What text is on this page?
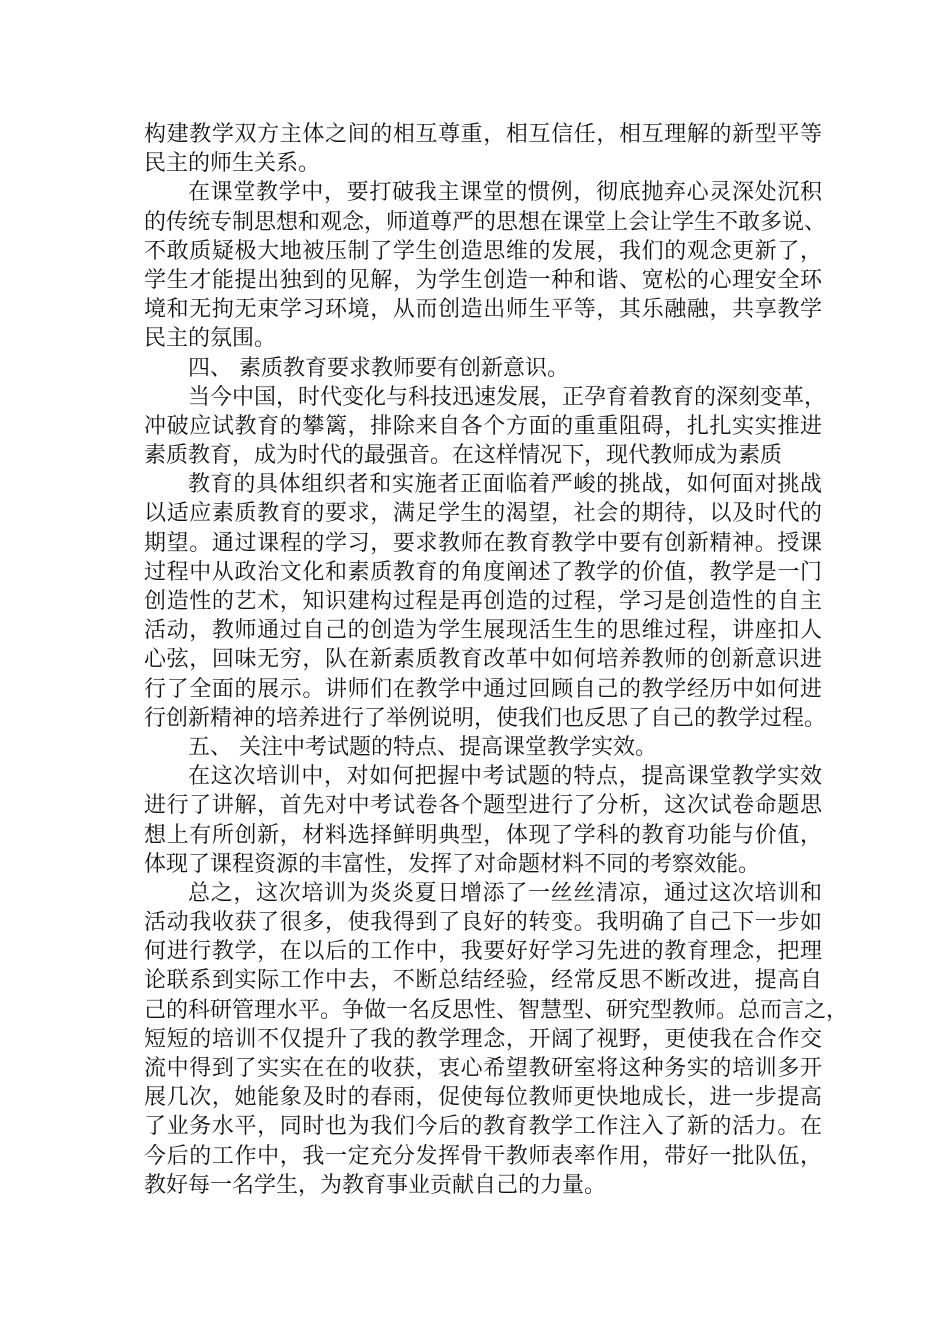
构建教学双方主体之间的相互尊重，相互信任，相互理解的新型平等
民主的师生关系。
在课堂教学中，要打破我主课堂的惯例，彻底抛弃心灵深处沉积
的传统专制思想和观念，师道尊严的思想在课堂上会让学生不敢多说、
不敢质疑极大地被压制了学生创造思维的发展，我们的观念更新了，
学生才能提出独到的见解，为学生创造一种和谐、宽松的心理安全环
境和无拘无束学习环境，从而创造出师生平等，其乐融融，共享教学
民主的氛围。
四、 素质教育要求教师要有创新意识。
当今中国，时代变化与科技迅速发展，正孕育着教育的深刻变革，
冲破应试教育的攀篱，排除来自各个方面的重重阻碍，扎扎实实推进
素质教育，成为时代的最强音。在这样情况下，现代教师成为素质
教育的具体组织者和实施者正面临着严峻的挑战，如何面对挑战
以适应素质教育的要求，满足学生的渴望，社会的期待，以及时代的
期望。通过课程的学习，要求教师在教育教学中要有创新精神。授课
过程中从政治文化和素质教育的角度阐述了教学的价值，教学是一门
创造性的艺术，知识建构过程是再创造的过程，学习是创造性的自主
活动，教师通过自己的创造为学生展现活生生的思维过程，讲座扣人
心弦，回味无穷，队在新素质教育改革中如何培养教师的创新意识进
行了全面的展示。讲师们在教学中通过回顾自己的教学经历中如何进
行创新精神的培养进行了举例说明，使我们也反思了自己的教学过程。
五、 关注中考试题的特点、提高课堂教学实效。
在这次培训中，对如何把握中考试题的特点，提高课堂教学实效
进行了讲解，首先对中考试卷各个题型进行了分析，这次试卷命题思
想上有所创新，材料选择鲜明典型，体现了学科的教育功能与价值，
体现了课程资源的丰富性，发挥了对命题材料不同的考察效能。
总之，这次培训为炎炎夏日增添了一丝丝清凉，通过这次培训和
活动我收获了很多，使我得到了良好的转变。我明确了自己下一步如
何进行教学，在以后的工作中，我要好好学习先进的教育理念，把理
论联系到实际工作中去，不断总结经验，经常反思不断改进，提高自
己的科研管理水平。争做一名反思性、智慧型、研究型教师。总而言之，
短短的培训不仅提升了我的教学理念，开阔了视野，更使我在合作交
流中得到了实实在在的收获，衷心希望教研室将这种务实的培训多开
展几次，她能象及时的春雨，促使每位教师更快地成长，进一步提高
了业务水平，同时也为我们今后的教育教学工作注入了新的活力。在
今后的工作中，我一定充分发挥骨干教师表率作用，带好一批队伍，
教好每一名学生，为教育事业贡献自己的力量。
